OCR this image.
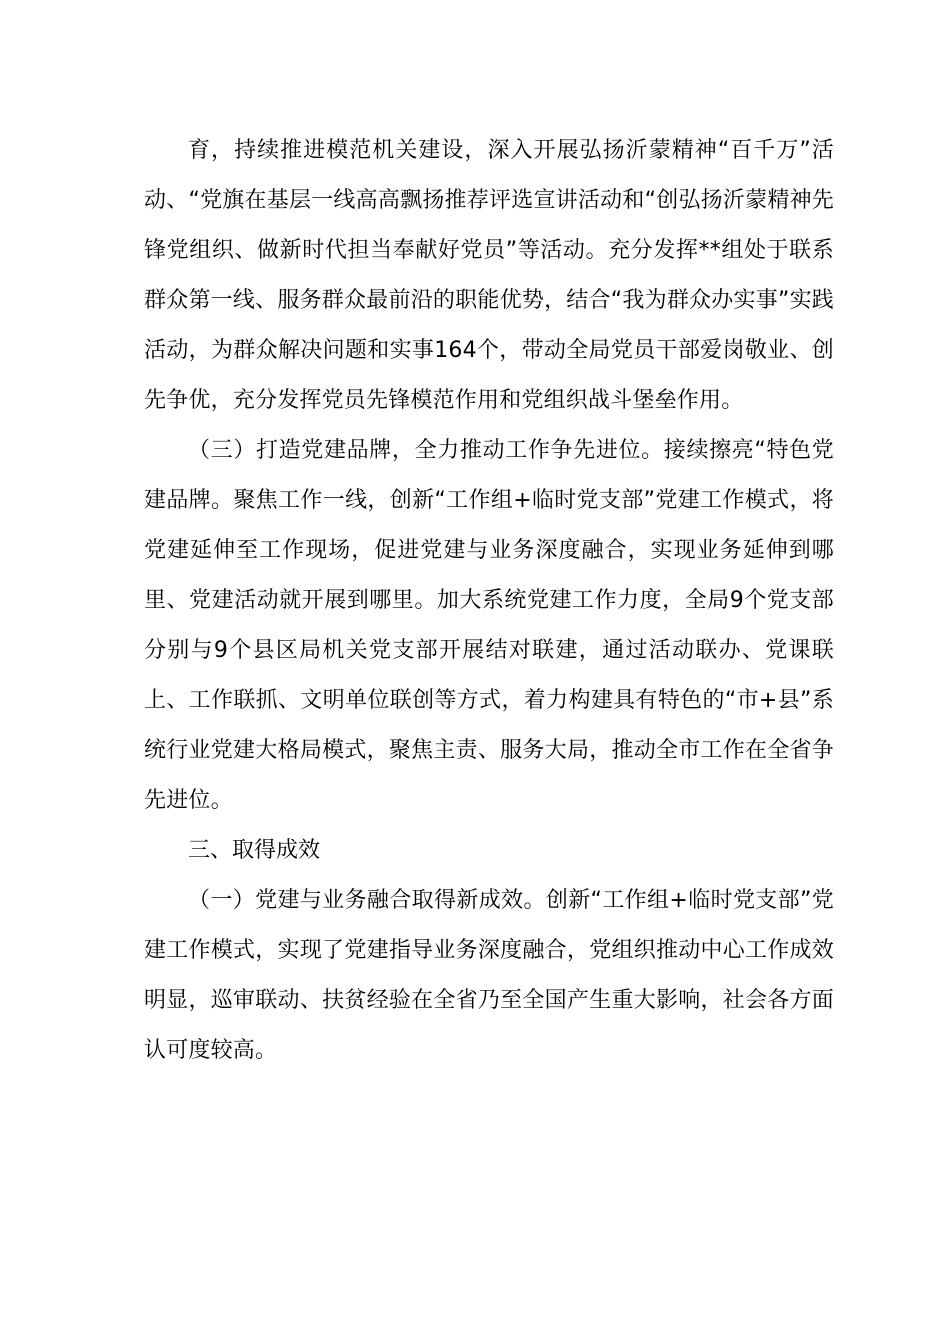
育，持续推进模范机关建设，深入开展弘扬沂蒙精神“百千万”活动、“党旗在基层一线高高飘扬推荐评选宣讲活动和“创弘扬沂蒙精神先锋党组织、做新时代担当奉献好党员”等活动。充分发挥**组处于联系群众第一线、服务群众最前沿的职能优势，结合“我为群众办实事”实践活动，为群众解决问题和实事164个，带动全局党员干部爱岗敬业、创先争优，充分发挥党员先锋模范作用和党组织战斗堡垒作用。

（三）打造党建品牌，全力推动工作争先进位。接续擦亮“特色党建品牌。聚焦工作一线，创新“工作组+临时党支部”党建工作模式，将党建延伸至工作现场，促进党建与业务深度融合，实现业务延伸到哪里、党建活动就开展到哪里。加大系统党建工作力度，全局9个党支部分别与9个县区局机关党支部开展结对联建，通过活动联办、党课联上、工作联抓、文明单位联创等方式，着力构建具有特色的“市+县”系统行业党建大格局模式，聚焦主责、服务大局，推动全市工作在全省争先进位。

三、取得成效

（一）党建与业务融合取得新成效。创新“工作组+临时党支部”党建工作模式，实现了党建指导业务深度融合，党组织推动中心工作成效明显，巡审联动、扶贫经验在全省乃至全国产生重大影响，社会各方面认可度较高。
